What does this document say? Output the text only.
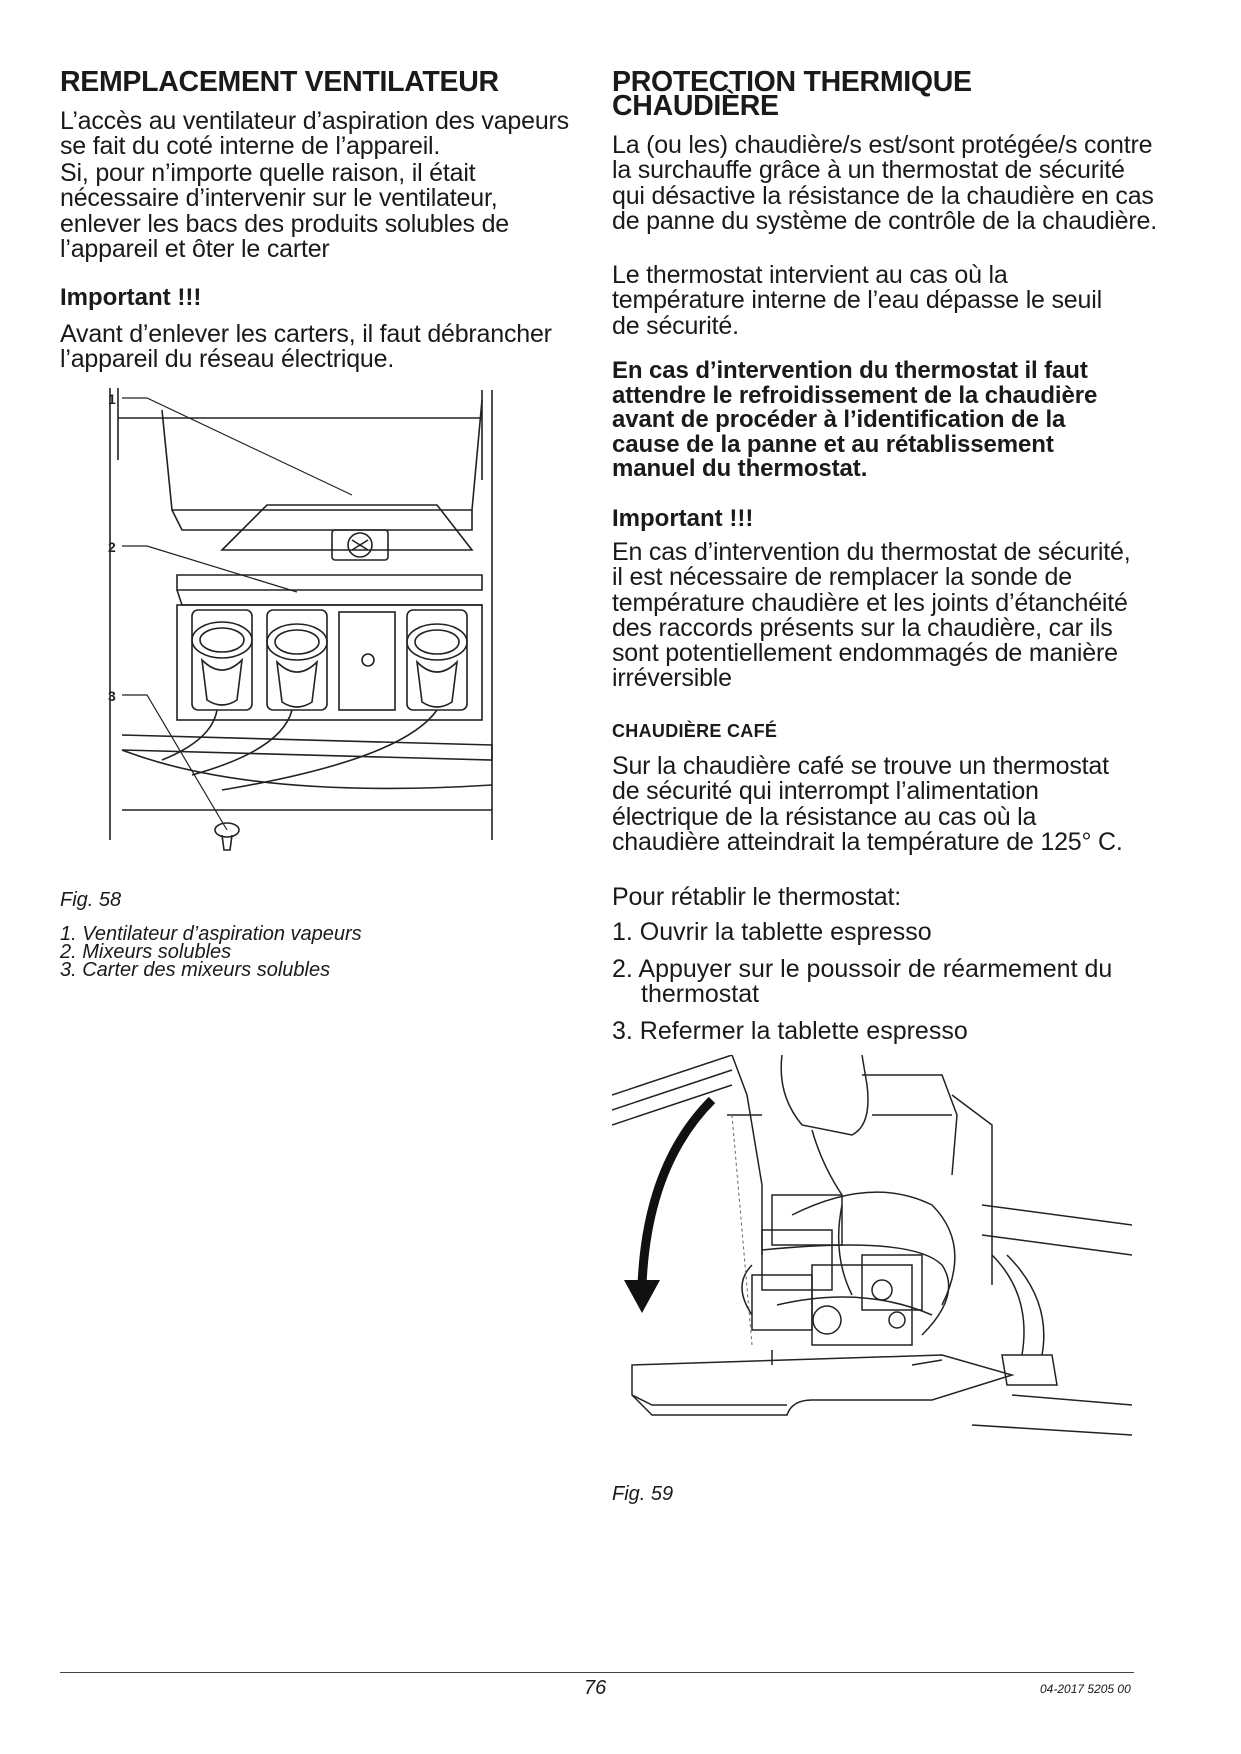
REMPLACEMENT VENTILATEUR

L’accès au ventilateur d’aspiration des vapeurs se fait du coté interne de l’appareil.

Si, pour n’importe quelle raison, il était nécessaire d’intervenir sur le ventilateur, enlever les bacs des produits solubles de l’appareil et ôter le carter

Important !!!

Avant d’enlever les carters, il faut débrancher l’appareil du réseau électrique.

1
2
3

Fig. 58

1. Ventilateur d’aspiration vapeurs
2. Mixeurs solubles
3. Carter des mixeurs solubles
PROTECTION THERMIQUE
CHAUDIÈRE

La (ou les) chaudière/s est/sont protégée/s contre la surchauffe grâce à un thermostat de sécurité qui désactive la résistance de la chaudière en cas de panne du système de contrôle de la chaudière.

Le thermostat intervient au cas où la température interne de l’eau dépasse le seuil de sécurité.

En cas d’intervention du thermostat il faut attendre le refroidissement de la chaudière avant de procéder à l’identification de la cause de la panne et au rétablissement manuel du thermostat.

Important !!!

En cas d’intervention du thermostat de sécurité, il est nécessaire de remplacer la sonde de température chaudière et les joints d’étanchéité des raccords présents sur la chaudière, car ils sont potentiellement endommagés de manière irréversible

CHAUDIÈRE CAFÉ

Sur la chaudière café se trouve un thermostat de sécurité qui interrompt l’alimentation électrique de la résistance au cas où la chaudière atteindrait la température de 125° C.

Pour rétablir le thermostat:

1. Ouvrir la tablette espresso
2. Appuyer sur le poussoir de réarmement du thermostat
3. Refermer la tablette espresso

Fig. 59

76	04-2017 5205 00
